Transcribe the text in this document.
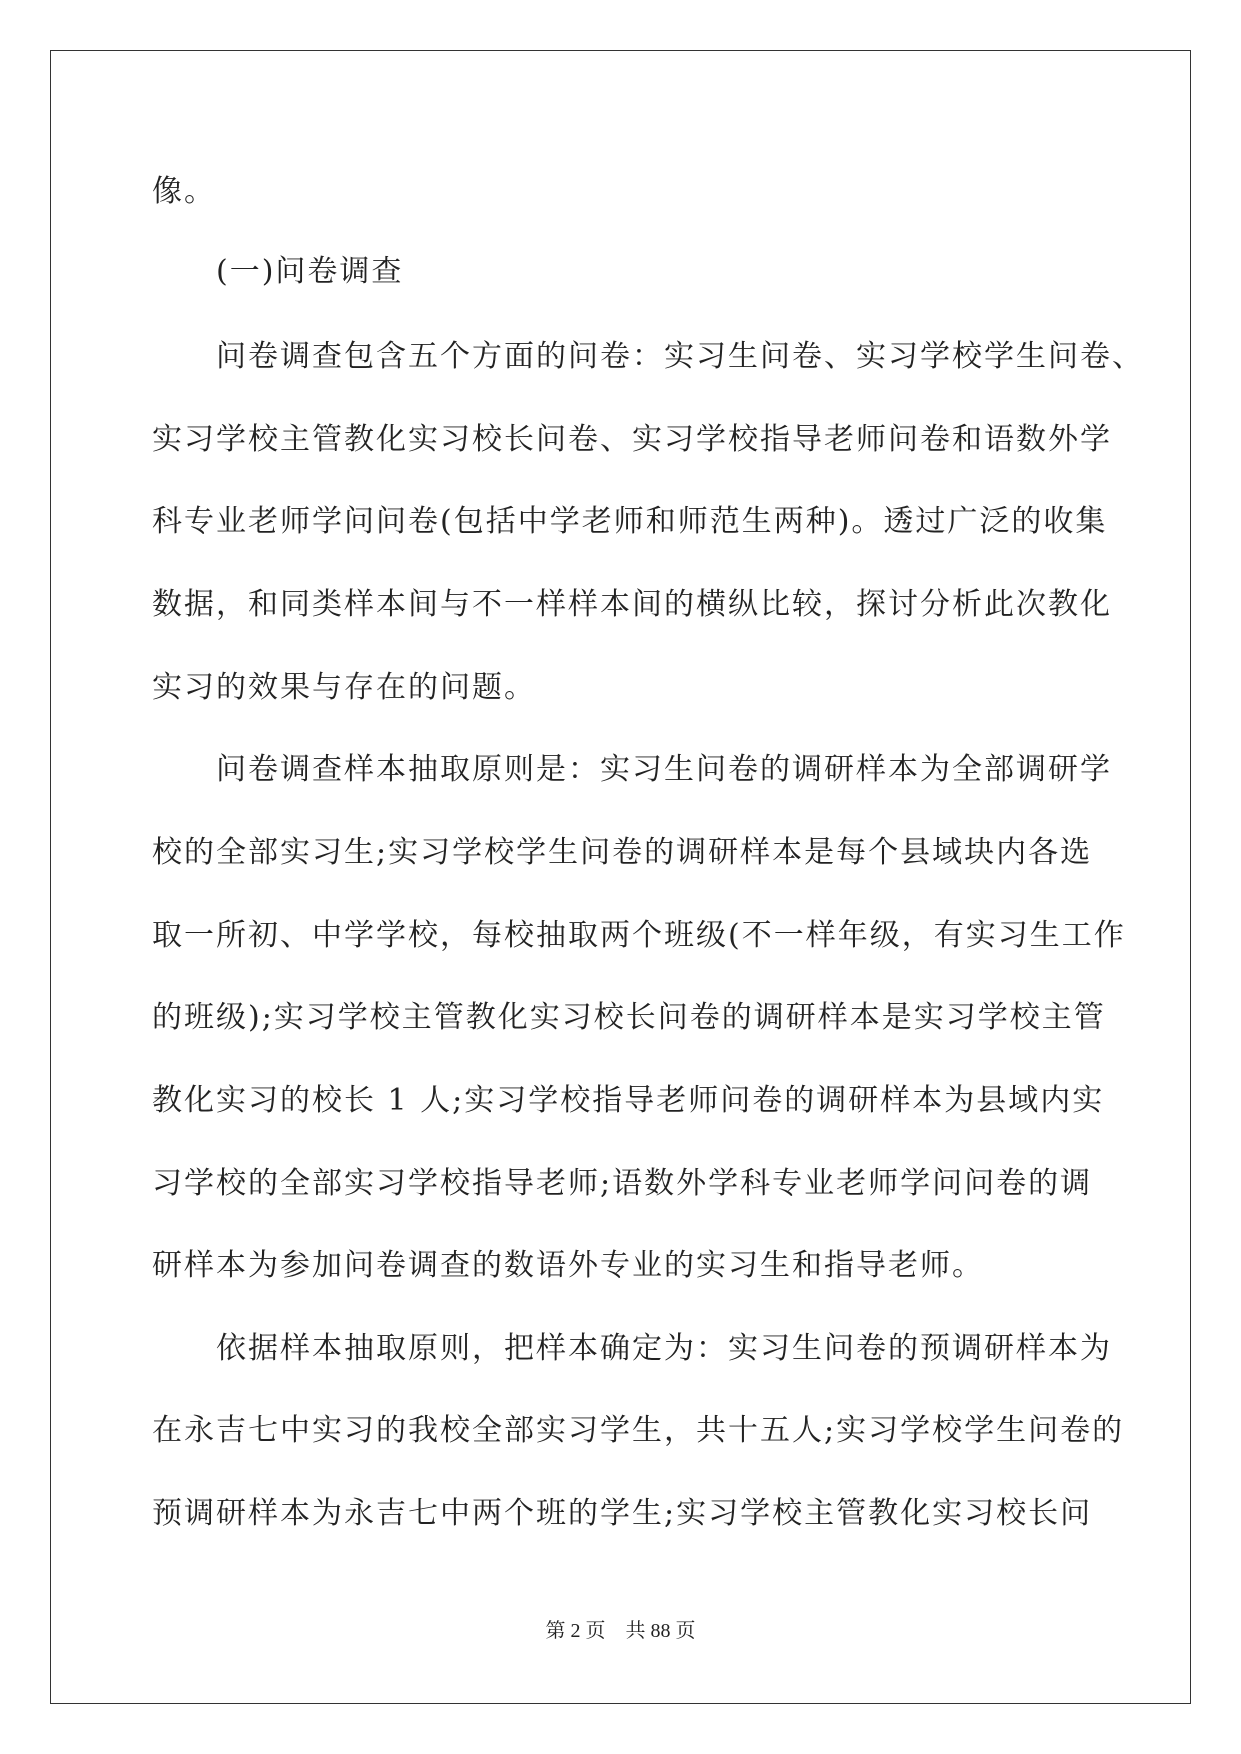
像。
(一)问卷调查
问卷调查包含五个方面的问卷：实习生问卷、实习学校学生问卷、
实习学校主管教化实习校长问卷、实习学校指导老师问卷和语数外学
科专业老师学问问卷(包括中学老师和师范生两种)。透过广泛的收集
数据，和同类样本间与不一样样本间的横纵比较，探讨分析此次教化
实习的效果与存在的问题。
问卷调查样本抽取原则是：实习生问卷的调研样本为全部调研学
校的全部实习生;实习学校学生问卷的调研样本是每个县域块内各选
取一所初、中学学校，每校抽取两个班级(不一样年级，有实习生工作
的班级);实习学校主管教化实习校长问卷的调研样本是实习学校主管
教化实习的校长 1 人;实习学校指导老师问卷的调研样本为县域内实
习学校的全部实习学校指导老师;语数外学科专业老师学问问卷的调
研样本为参加问卷调查的数语外专业的实习生和指导老师。
依据样本抽取原则，把样本确定为：实习生问卷的预调研样本为
在永吉七中实习的我校全部实习学生，共十五人;实习学校学生问卷的
预调研样本为永吉七中两个班的学生;实习学校主管教化实习校长问
第 2 页　共 88 页
